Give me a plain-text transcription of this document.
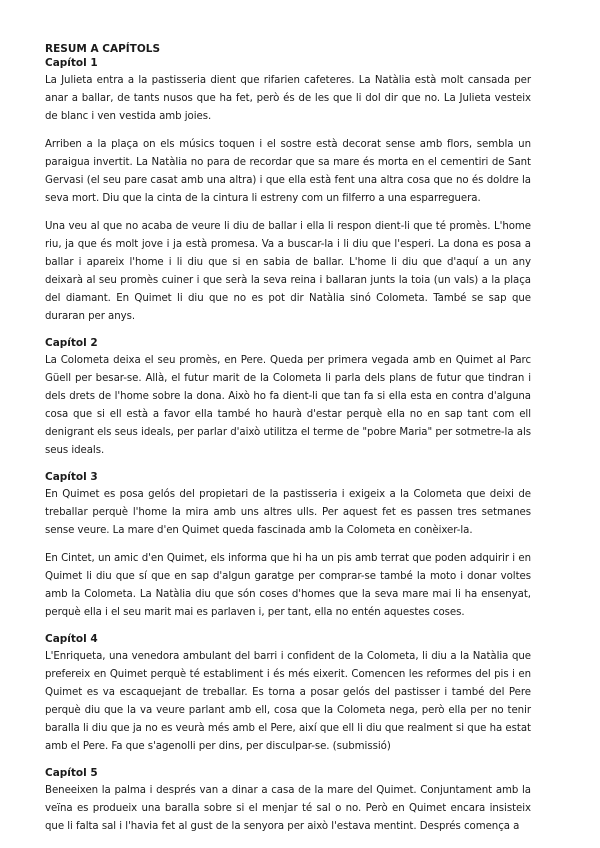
RESUM A CAPÍTOLS
Capítol 1

La Julieta entra a la pastisseria dient que rifarien cafeteres. La Natàlia està molt cansada per anar a ballar, de tants nusos que ha fet, però és de les que li dol dir que no. La Julieta vesteix de blanc i ven vestida amb joies.

Arriben a la plaça on els músics toquen i el sostre està decorat sense amb flors, sembla un paraigua invertit. La Natàlia no para de recordar que sa mare és morta en el cementiri de Sant Gervasi (el seu pare casat amb una altra) i que ella està fent una altra cosa que no és doldre la seva mort. Diu que la cinta de la cintura li estreny com un filferro a una esparreguera.

Una veu al que no acaba de veure li diu de ballar i ella li respon dient-li que té promès. L'home riu, ja que és molt jove i ja està promesa. Va a buscar-la i li diu que l'esperi. La dona es posa a ballar i apareix l'home i li diu que si en sabia de ballar. L'home li diu que d'aquí a un any deixarà al seu promès cuiner i que serà la seva reina i ballaran junts la toia (un vals) a la plaça del diamant. En Quimet li diu que no es pot dir Natàlia sinó Colometa. També se sap que duraran per anys.

Capítol 2

La Colometa deixa el seu promès, en Pere. Queda per primera vegada amb en Quimet al Parc Güell per besar-se. Allà, el futur marit de la Colometa li parla dels plans de futur que tindran i dels drets de l'home sobre la dona. Això ho fa dient-li que tan fa si ella esta en contra d'alguna cosa que si ell està a favor ella també ho haurà d'estar perquè ella no en sap tant com ell denigrant els seus ideals, per parlar d'això utilitza el terme de "pobre Maria" per sotmetre-la als seus ideals.

Capítol 3

En Quimet es posa gelós del propietari de la pastisseria i exigeix a la Colometa que deixi de treballar perquè l'home la mira amb uns altres ulls. Per aquest fet es passen tres setmanes sense veure. La mare d'en Quimet queda fascinada amb la Colometa en conèixer-la.

En Cintet, un amic d'en Quimet, els informa que hi ha un pis amb terrat que poden adquirir i en Quimet li diu que sí que en sap d'algun garatge per comprar-se també la moto i donar voltes amb la Colometa. La Natàlia diu que són coses d'homes que la seva mare mai li ha ensenyat, perquè ella i el seu marit mai es parlaven i, per tant, ella no entén aquestes coses.

Capítol 4

L'Enriqueta, una venedora ambulant del barri i confident de la Colometa, li diu a la Natàlia que prefereix en Quimet perquè té establiment i és més eixerit. Comencen les reformes del pis i en Quimet es va escaquejant de treballar. Es torna a posar gelós del pastisser i també del Pere perquè diu que la va veure parlant amb ell, cosa que la Colometa nega, però ella per no tenir baralla li diu que ja no es veurà més amb el Pere, així que ell li diu que realment si que ha estat amb el Pere. Fa que s'agenolli per dins, per disculpar-se. (submissió)

Capítol 5

Beneeixen la palma i després van a dinar a casa de la mare del Quimet. Conjuntament amb la veïna es produeix una baralla sobre si el menjar té sal o no. Però en Quimet encara insisteix que li falta sal i l'havia fet al gust de la senyora per això l'estava mentint. Després comença a
